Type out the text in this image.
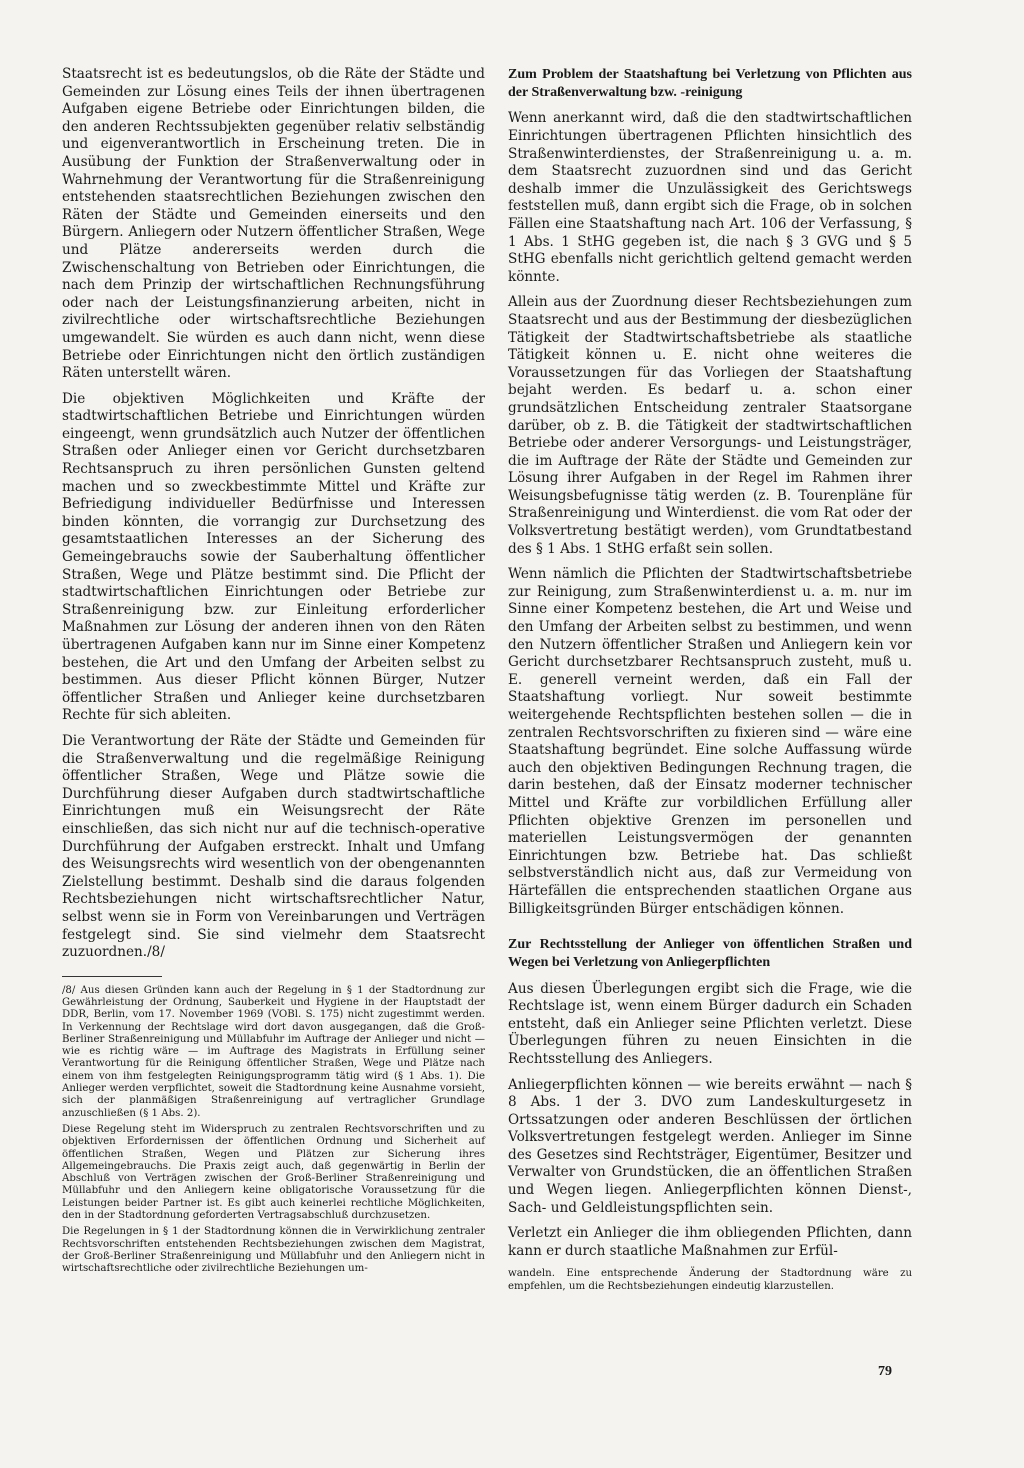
Staatsrecht ist es bedeutungslos, ob die Räte der Städte und Gemeinden zur Lösung eines Teils der ihnen übertragenen Aufgaben eigene Betriebe oder Einrichtungen bilden, die den anderen Rechtssubjekten gegenüber relativ selbständig und eigenverantwortlich in Erscheinung treten. Die in Ausübung der Funktion der Straßenverwaltung oder in Wahrnehmung der Verantwortung für die Straßenreinigung entstehenden staatsrechtlichen Beziehungen zwischen den Räten der Städte und Gemeinden einerseits und den Bürgern. Anliegern oder Nutzern öffentlicher Straßen, Wege und Plätze andererseits werden durch die Zwischenschaltung von Betrieben oder Einrichtungen, die nach dem Prinzip der wirtschaftlichen Rechnungsführung oder nach der Leistungsfinanzierung arbeiten, nicht in zivilrechtliche oder wirtschaftsrechtliche Beziehungen umgewandelt. Sie würden es auch dann nicht, wenn diese Betriebe oder Einrichtungen nicht den örtlich zuständigen Räten unterstellt wären.

Die objektiven Möglichkeiten und Kräfte der stadtwirtschaftlichen Betriebe und Einrichtungen würden eingeengt, wenn grundsätzlich auch Nutzer der öffentlichen Straßen oder Anlieger einen vor Gericht durchsetzbaren Rechtsanspruch zu ihren persönlichen Gunsten geltend machen und so zweckbestimmte Mittel und Kräfte zur Befriedigung individueller Bedürfnisse und Interessen binden könnten, die vorrangig zur Durchsetzung des gesamtstaatlichen Interesses an der Sicherung des Gemeingebrauchs sowie der Sauberhaltung öffentlicher Straßen, Wege und Plätze bestimmt sind. Die Pflicht der stadtwirtschaftlichen Einrichtungen oder Betriebe zur Straßenreinigung bzw. zur Einleitung erforderlicher Maßnahmen zur Lösung der anderen ihnen von den Räten übertragenen Aufgaben kann nur im Sinne einer Kompetenz bestehen, die Art und den Umfang der Arbeiten selbst zu bestimmen. Aus dieser Pflicht können Bürger, Nutzer öffentlicher Straßen und Anlieger keine durchsetzbaren Rechte für sich ableiten.

Die Verantwortung der Räte der Städte und Gemeinden für die Straßenverwaltung und die regelmäßige Reinigung öffentlicher Straßen, Wege und Plätze sowie die Durchführung dieser Aufgaben durch stadtwirtschaftliche Einrichtungen muß ein Weisungsrecht der Räte einschließen, das sich nicht nur auf die technisch-operative Durchführung der Aufgaben erstreckt. Inhalt und Umfang des Weisungsrechts wird wesentlich von der obengenannten Zielstellung bestimmt. Deshalb sind die daraus folgenden Rechtsbeziehungen nicht wirtschaftsrechtlicher Natur, selbst wenn sie in Form von Vereinbarungen und Verträgen festgelegt sind. Sie sind vielmehr dem Staatsrecht zuzuordnen./8/

/8/ Aus diesen Gründen kann auch der Regelung in § 1 der Stadtordnung zur Gewährleistung der Ordnung, Sauberkeit und Hygiene in der Hauptstadt der DDR, Berlin, vom 17. November 1969 (VOBl. S. 175) nicht zugestimmt werden. In Verkennung der Rechtslage wird dort davon ausgegangen, daß die Groß-Berliner Straßenreinigung und Müllabfuhr im Auftrage der Anlieger und nicht — wie es richtig wäre — im Auftrage des Magistrats in Erfüllung seiner Verantwortung für die Reinigung öffentlicher Straßen, Wege und Plätze nach einem von ihm festgelegten Reinigungsprogramm tätig wird (§ 1 Abs. 1). Die Anlieger werden verpflichtet, soweit die Stadtordnung keine Ausnahme vorsieht, sich der planmäßigen Straßenreinigung auf vertraglicher Grundlage anzuschließen (§ 1 Abs. 2).

Diese Regelung steht im Widerspruch zu zentralen Rechtsvorschriften und zu objektiven Erfordernissen der öffentlichen Ordnung und Sicherheit auf öffentlichen Straßen, Wegen und Plätzen zur Sicherung ihres Allgemeingebrauchs. Die Praxis zeigt auch, daß gegenwärtig in Berlin der Abschluß von Verträgen zwischen der Groß-Berliner Straßenreinigung und Müllabfuhr und den Anliegern keine obligatorische Voraussetzung für die Leistungen beider Partner ist. Es gibt auch keinerlei rechtliche Möglichkeiten, den in der Stadtordnung geforderten Vertragsabschluß durchzusetzen.

Die Regelungen in § 1 der Stadtordnung können die in Verwirklichung zentraler Rechtsvorschriften entstehenden Rechtsbeziehungen zwischen dem Magistrat, der Groß-Berliner Straßenreinigung und Müllabfuhr und den Anliegern nicht in wirtschaftsrechtliche oder zivilrechtliche Beziehungen um-

Zum Problem der Staatshaftung bei Verletzung von Pflichten aus der Straßenverwaltung bzw. -reinigung

Wenn anerkannt wird, daß die den stadtwirtschaftlichen Einrichtungen übertragenen Pflichten hinsichtlich des Straßenwinterdienstes, der Straßenreinigung u. a. m. dem Staatsrecht zuzuordnen sind und das Gericht deshalb immer die Unzulässigkeit des Gerichtswegs feststellen muß, dann ergibt sich die Frage, ob in solchen Fällen eine Staatshaftung nach Art. 106 der Verfassung, § 1 Abs. 1 StHG gegeben ist, die nach § 3 GVG und § 5 StHG ebenfalls nicht gerichtlich geltend gemacht werden könnte.

Allein aus der Zuordnung dieser Rechtsbeziehungen zum Staatsrecht und aus der Bestimmung der diesbezüglichen Tätigkeit der Stadtwirtschaftsbetriebe als staatliche Tätigkeit können u. E. nicht ohne weiteres die Voraussetzungen für das Vorliegen der Staatshaftung bejaht werden. Es bedarf u. a. schon einer grundsätzlichen Entscheidung zentraler Staatsorgane darüber, ob z. B. die Tätigkeit der stadtwirtschaftlichen Betriebe oder anderer Versorgungs- und Leistungsträger, die im Auftrage der Räte der Städte und Gemeinden zur Lösung ihrer Aufgaben in der Regel im Rahmen ihrer Weisungsbefugnisse tätig werden (z. B. Tourenpläne für Straßenreinigung und Winterdienst. die vom Rat oder der Volksvertretung bestätigt werden), vom Grundtatbestand des § 1 Abs. 1 StHG erfaßt sein sollen.

Wenn nämlich die Pflichten der Stadtwirtschaftsbetriebe zur Reinigung, zum Straßenwinterdienst u. a. m. nur im Sinne einer Kompetenz bestehen, die Art und Weise und den Umfang der Arbeiten selbst zu bestimmen, und wenn den Nutzern öffentlicher Straßen und Anliegern kein vor Gericht durchsetzbarer Rechtsanspruch zusteht, muß u. E. generell verneint werden, daß ein Fall der Staatshaftung vorliegt. Nur soweit bestimmte weitergehende Rechtspflichten bestehen sollen — die in zentralen Rechtsvorschriften zu fixieren sind — wäre eine Staatshaftung begründet. Eine solche Auffassung würde auch den objektiven Bedingungen Rechnung tragen, die darin bestehen, daß der Einsatz moderner technischer Mittel und Kräfte zur vorbildlichen Erfüllung aller Pflichten objektive Grenzen im personellen und materiellen Leistungsvermögen der genannten Einrichtungen bzw. Betriebe hat. Das schließt selbstverständlich nicht aus, daß zur Vermeidung von Härtefällen die entsprechenden staatlichen Organe aus Billigkeitsgründen Bürger entschädigen können.

Zur Rechtsstellung der Anlieger von öffentlichen Straßen und Wegen bei Verletzung von Anliegerpflichten

Aus diesen Überlegungen ergibt sich die Frage, wie die Rechtslage ist, wenn einem Bürger dadurch ein Schaden entsteht, daß ein Anlieger seine Pflichten verletzt. Diese Überlegungen führen zu neuen Einsichten in die Rechtsstellung des Anliegers.

Anliegerpflichten können — wie bereits erwähnt — nach § 8 Abs. 1 der 3. DVO zum Landeskulturgesetz in Ortssatzungen oder anderen Beschlüssen der örtlichen Volksvertretungen festgelegt werden. Anlieger im Sinne des Gesetzes sind Rechtsträger, Eigentümer, Besitzer und Verwalter von Grundstücken, die an öffentlichen Straßen und Wegen liegen. Anliegerpflichten können Dienst-, Sach- und Geldleistungspflichten sein.

Verletzt ein Anlieger die ihm obliegenden Pflichten, dann kann er durch staatliche Maßnahmen zur Erfül-

wandeln. Eine entsprechende Änderung der Stadtordnung wäre zu empfehlen, um die Rechtsbeziehungen eindeutig klarzustellen.

79
